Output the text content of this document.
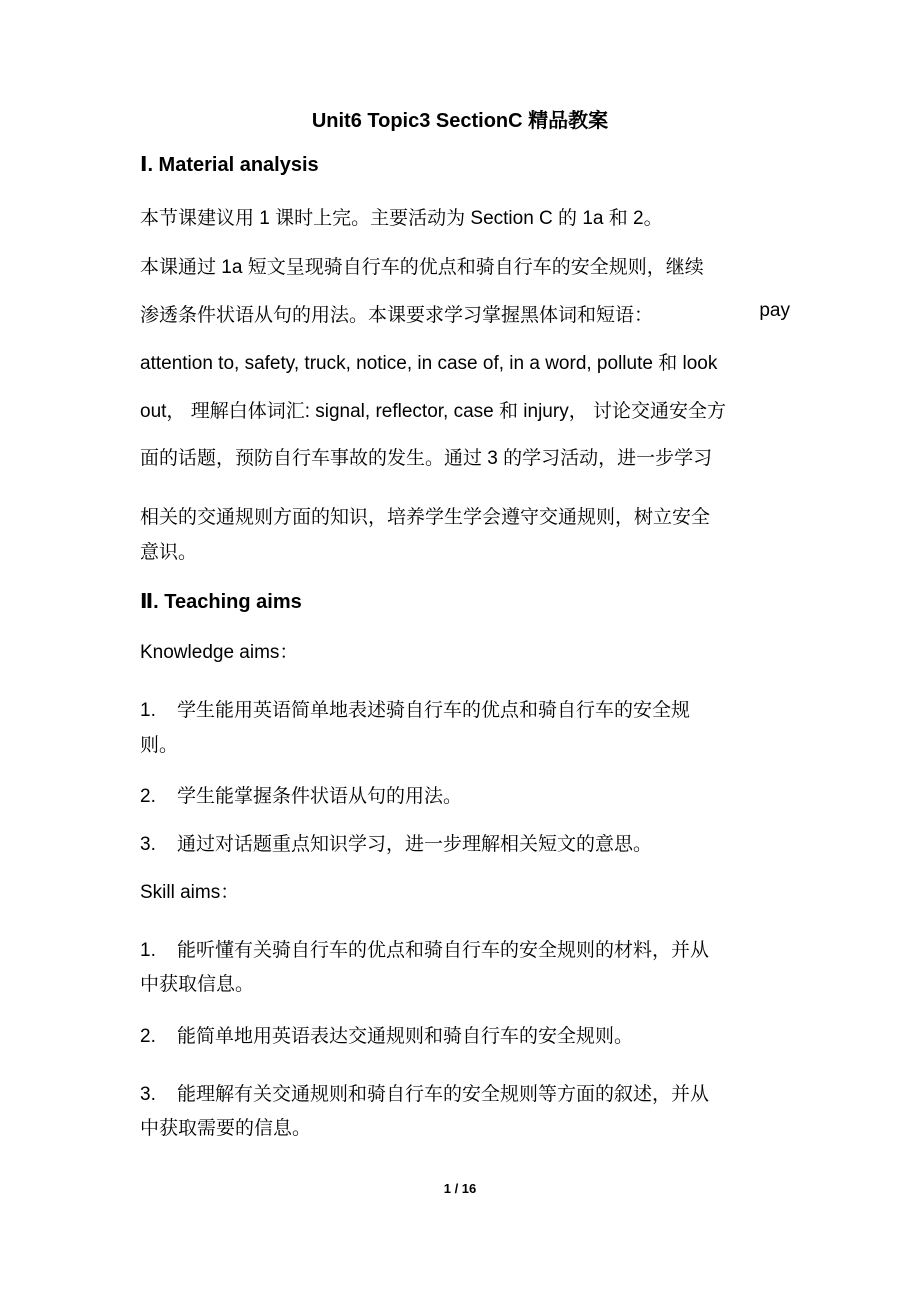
Unit6 Topic3 SectionC 精品教案
Ⅰ. Material analysis
本节课建议用 1 课时上完。主要活动为 Section C 的 1a 和 2。
本课通过 1a 短文呈现骑自行车的优点和骑自行车的安全规则，继续
渗透条件状语从句的用法。本课要求学习掌握黑体词和短语：	pay
attention to, safety, truck, notice, in case of, in a word, pollute 和 look
out， 理解白体词汇: signal, reflector, case 和 injury， 讨论交通安全方
面的话题，预防自行车事故的发生。通过 3 的学习活动，进一步学习
相关的交通规则方面的知识，培养学生学会遵守交通规则，树立安全
意识。
Ⅱ. Teaching aims
Knowledge aims：
1. 学生能用英语简单地表述骑自行车的优点和骑自行车的安全规
则。
2. 学生能掌握条件状语从句的用法。
3. 通过对话题重点知识学习，进一步理解相关短文的意思。
Skill aims：
1. 能听懂有关骑自行车的优点和骑自行车的安全规则的材料，并从
中获取信息。
2. 能简单地用英语表达交通规则和骑自行车的安全规则。
3. 能理解有关交通规则和骑自行车的安全规则等方面的叙述，并从
中获取需要的信息。
1 / 16
